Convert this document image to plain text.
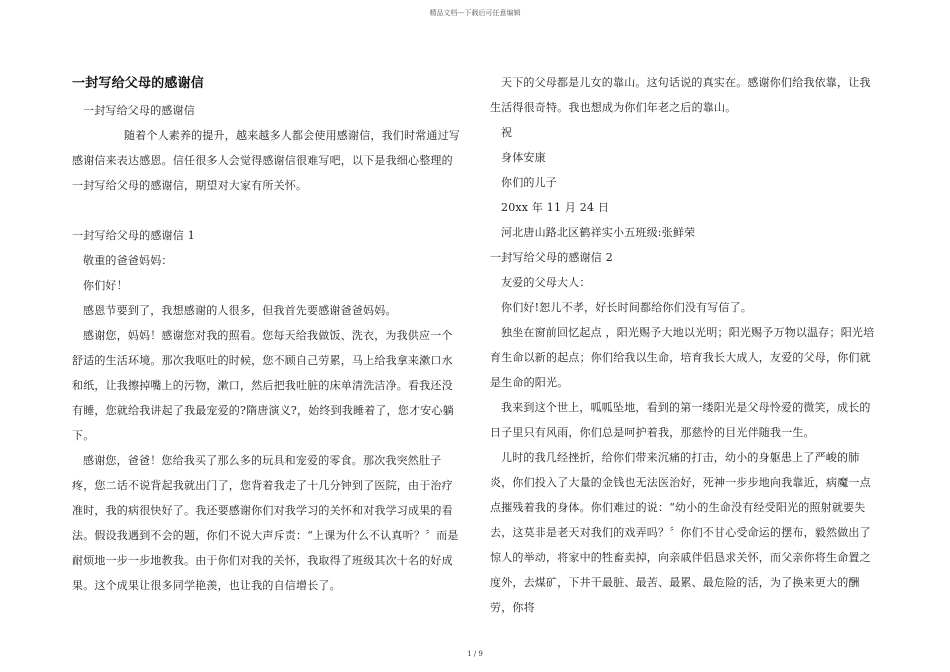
精品文档---下载后可任意编辑

一封写给父母的感谢信

一封写给父母的感谢信

随着个人素养的提升，越来越多人都会使用感谢信，我们时常通过写感谢信来表达感恩。信任很多人会觉得感谢信很难写吧，以下是我细心整理的一封写给父母的感谢信，期望对大家有所关怀。

一封写给父母的感谢信 1

敬重的爸爸妈妈：

你们好！

感恩节要到了，我想感谢的人很多，但我首先要感谢爸爸妈妈。

感谢您，妈妈！感谢您对我的照看。您每天给我做饭、洗衣，为我供应一个舒适的生活环境。那次我呕吐的时候，您不顾自己劳累，马上给我拿来漱口水和纸，让我擦掉嘴上的污物，漱口，然后把我吐脏的床单清洗洁净。看我还没有睡，您就给我讲起了我最宠爱的?隋唐演义?，始终到我睡着了，您才安心躺下。

感谢您，爸爸！您给我买了那么多的玩具和宠爱的零食。那次我突然肚子疼，您二话不说背起我就出门了，您背着我走了十几分钟到了医院，由于治疗准时，我的病很快好了。我还要感谢你们对我学习的关怀和对我学习成果的看法。假设我遇到不会的题，你们不说大声斥责：“上课为什么不认真听？〞而是耐烦地一步一步地教我。由于你们对我的关怀，我取得了班级其次十名的好成果。这个成果让很多同学艳羡，也让我的自信增长了。

天下的父母都是儿女的靠山。这句话说的真实在。感谢你们给我依靠，让我生活得很奇特。我也想成为你们年老之后的靠山。

祝

身体安康

你们的儿子

20xx 年 11 月 24 日

河北唐山路北区鹤祥实小五班级:张鲜荣

一封写给父母的感谢信 2

友爱的父母大人：

你们好!恕儿不孝，好长时间都给你们没有写信了。

独坐在窗前回忆起点 ，阳光赐予大地以光明；阳光赐予万物以温存；阳光培育生命以新的起点；你们给我以生命，培育我长大成人，友爱的父母，你们就是生命的阳光。

我来到这个世上，呱呱坠地，看到的第一缕阳光是父母怜爱的微笑，成长的日子里只有风雨，你们总是呵护着我，那慈怜的目光伴随我一生。

儿时的我几经挫折，给你们带来沉痛的打击，幼小的身躯患上了严峻的肺炎，你们投入了大量的金钱也无法医治好，死神一步步地向我靠近，病魔一点点摧残着我的身体。你们难过的说：“幼小的生命没有经受阳光的照射就要失去，这莫非是老天对我们的戏弄吗？〞你们不甘心受命运的摆布，毅然做出了惊人的举动，将家中的牲畜卖掉，向亲戚伴侣恳求关怀，而父亲你将生命置之度外，去煤矿，下井干最脏、最苦、最累、最危险的活，为了换来更大的酬劳，你将

1 / 9
